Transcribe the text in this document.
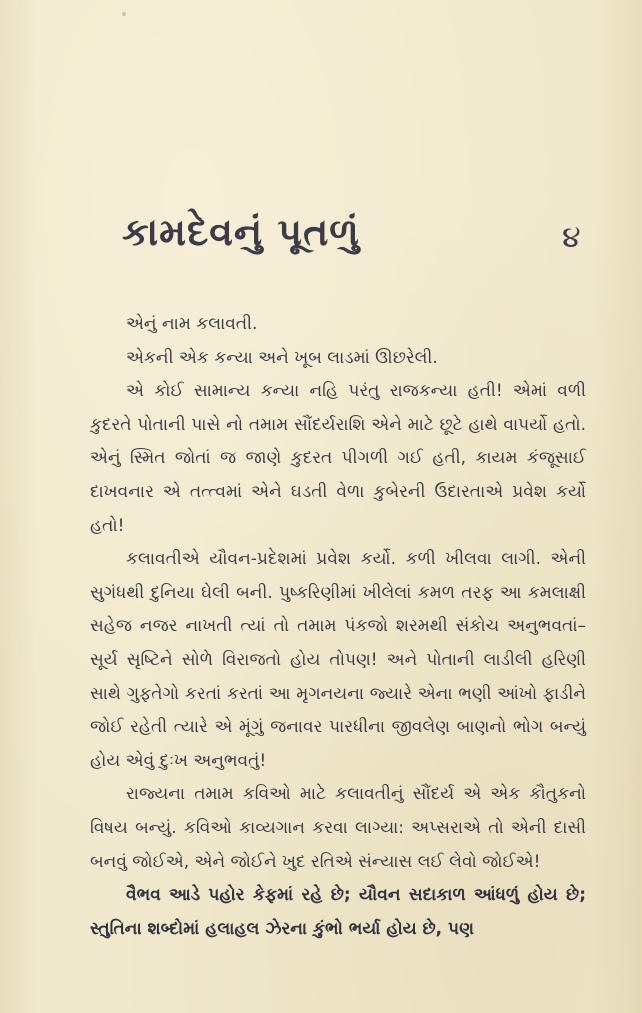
કામદેવનું પૂતળું	૪

એનું નામ કલાવતી.

એકની એક કન્યા અને ખૂબ લાડમાં ઊછરેલી.

એ કોઈ સામાન્ય કન્યા નહિ પરંતુ રાજકન્યા હતી! એમાં વળી કુદરતે પોતાની પાસે નો તમામ સૌંદર્યરાશિ એને માટે છૂટે હાથે વાપર્યો હતો. એનું સ્મિત જોતાં જ જાણે કુદરત પીગળી ગઈ હતી, કાયમ કંજૂસાઈ દાખવનાર એ તત્ત્વમાં એને ઘડતી વેળા કુબેરની ઉદારતાએ પ્રવેશ કર્યો હતો!

કલાવતીએ યૌવન-પ્રદેશમાં પ્રવેશ કર્યો. કળી ખીલવા લાગી. એની સુગંધથી દુનિયા ઘેલી બની. પુષ્કરિણીમાં ખીલેલાં કમળ તરફ આ કમલાક્ષી સહેજ નજર નાખતી ત્યાં તો તમામ પંકજો શરમથી સંકોચ અનુભવતાં–સૂર્ય સૃષ્ટિને સોળે વિરાજતો હોય તોપણ! અને પોતાની લાડીલી હરિણી સાથે ગુફતેગો કરતાં કરતાં આ મૃગનયના જ્યારે એના ભણી આંખો ફાડીને જોઈ રહેતી ત્યારે એ મૂંગું જનાવર પારધીના જીવલેણ બાણનો ભોગ બન્યું હોય એવું દુઃખ અનુભવતું!

રાજ્યના તમામ કવિઓ માટે કલાવતીનું સૌંદર્ય એ એક કૌતુકનો વિષય બન્યું. કવિઓ કાવ્યગાન કરવા લાગ્યા: અપ્સરાએ તો એની દાસી બનવું જોઈએ, એને જોઈને ખુદ રતિએ સંન્યાસ લઈ લેવો જોઈએ!

વૈભવ આડે પહોર કેફમાં રહે છે; યૌવન સદાકાળ આંધળું હોય છે; સ્તુતિના શબ્દોમાં હલાહલ ઝેરના કુંભો ભર્યા હોય છે, પણ
